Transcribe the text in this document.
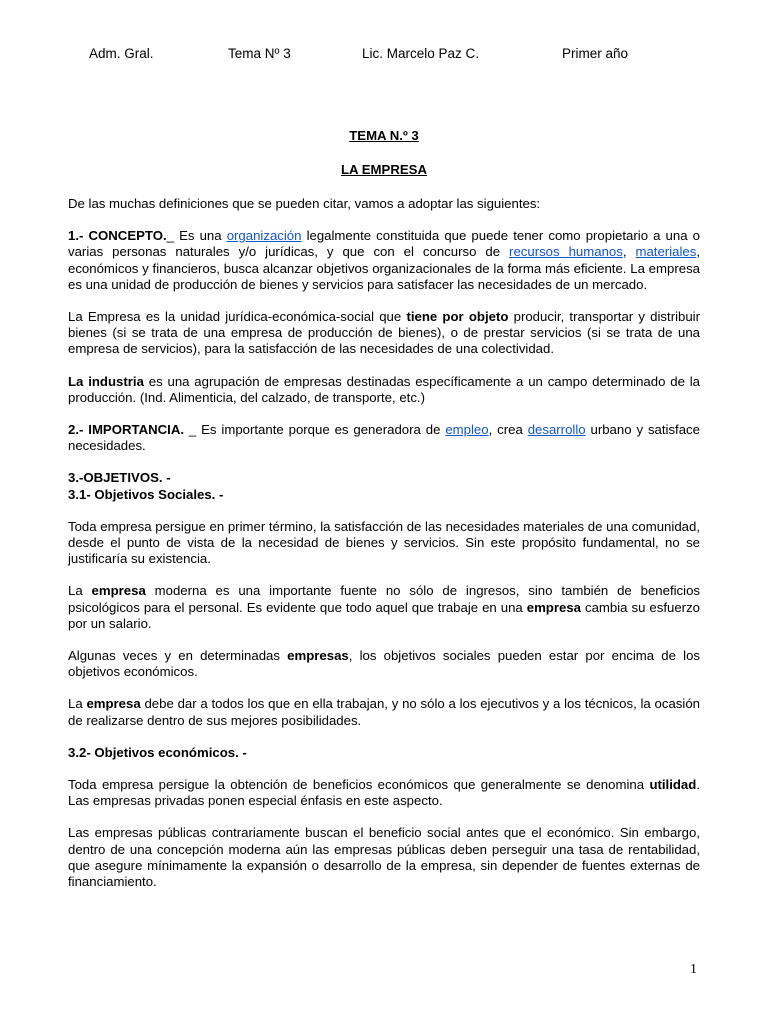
Adm. Gral.	Tema Nº 3	Lic. Marcelo Paz C.	Primer año

TEMA N.º 3

LA EMPRESA

De las muchas definiciones que se pueden citar, vamos a adoptar las siguientes:

1.- CONCEPTO._ Es una organización legalmente constituida que puede tener como propietario a una o varias personas naturales y/o jurídicas, y que con el concurso de recursos humanos, materiales, económicos y financieros, busca alcanzar objetivos organizacionales de la forma más eficiente. La empresa es una unidad de producción de bienes y servicios para satisfacer las necesidades de un mercado.

La Empresa es la unidad jurídica-económica-social que tiene por objeto producir, transportar y distribuir bienes (si se trata de una empresa de producción de bienes), o de prestar servicios (si se trata de una empresa de servicios), para la satisfacción de las necesidades de una colectividad.

La industria es una agrupación de empresas destinadas específicamente a un campo determinado de la producción. (Ind. Alimenticia, del calzado, de transporte, etc.)

2.- IMPORTANCIA. _ Es importante porque es generadora de empleo, crea desarrollo urbano y satisface necesidades.

3.-OBJETIVOS. -

3.1- Objetivos Sociales. -

Toda empresa persigue en primer término, la satisfacción de las necesidades materiales de una comunidad, desde el punto de vista de la necesidad de bienes y servicios. Sin este propósito fundamental, no se justificaría su existencia.

La empresa moderna es una importante fuente no sólo de ingresos, sino también de beneficios psicológicos para el personal. Es evidente que todo aquel que trabaje en una empresa cambia su esfuerzo por un salario.

Algunas veces y en determinadas empresas, los objetivos sociales pueden estar por encima de los objetivos económicos.

La empresa debe dar a todos los que en ella trabajan, y no sólo a los ejecutivos y a los técnicos, la ocasión de realizarse dentro de sus mejores posibilidades.

3.2- Objetivos económicos. -

Toda empresa persigue la obtención de beneficios económicos que generalmente se denomina utilidad. Las empresas privadas ponen especial énfasis en este aspecto.

Las empresas públicas contrariamente buscan el beneficio social antes que el económico. Sin embargo, dentro de una concepción moderna aún las empresas públicas deben perseguir una tasa de rentabilidad, que asegure mínimamente la expansión o desarrollo de la empresa, sin depender de fuentes externas de financiamiento.

1
